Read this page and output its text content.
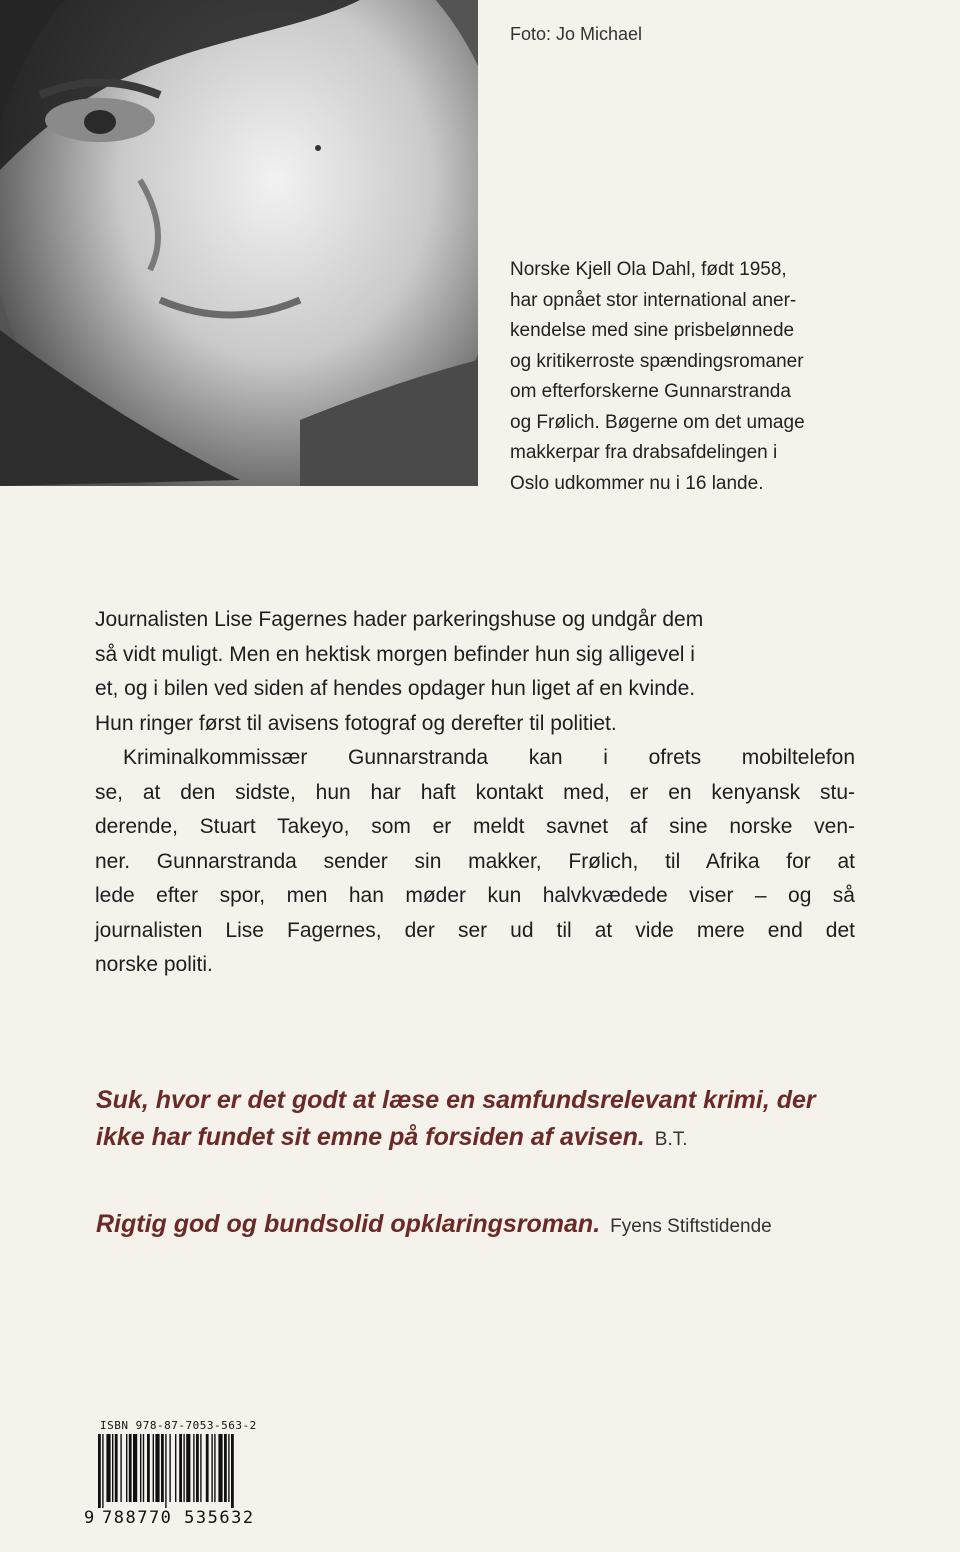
Foto: Jo Michael
Norske Kjell Ola Dahl, født 1958,
har opnået stor international aner-
kendelse med sine prisbelønnede
og kritikerroste spændingsromaner
om efterforskerne Gunnarstranda
og Frølich. Bøgerne om det umage
makkerpar fra drabsafdelingen i
Oslo udkommer nu i 16 lande.
Journalisten Lise Fagernes hader parkeringshuse og undgår dem
så vidt muligt. Men en hektisk morgen befinder hun sig alligevel i
et, og i bilen ved siden af hendes opdager hun liget af en kvinde.
Hun ringer først til avisens fotograf og derefter til politiet.
Kriminalkommissær Gunnarstranda kan i ofrets mobiltelefon
se, at den sidste, hun har haft kontakt med, er en kenyansk stu-
derende, Stuart Takeyo, som er meldt savnet af sine norske ven-
ner. Gunnarstranda sender sin makker, Frølich, til Afrika for at
lede efter spor, men han møder kun halvkvædede viser – og så
journalisten Lise Fagernes, der ser ud til at vide mere end det
norske politi.
Suk, hvor er det godt at læse en samfundsrelevant krimi, der
ikke har fundet sit emne på forsiden af avisen. B.T.
Rigtig god og bundsolid opklaringsroman. Fyens Stiftstidende
ISBN 978-87-7053-563-2
9 788770 535632
